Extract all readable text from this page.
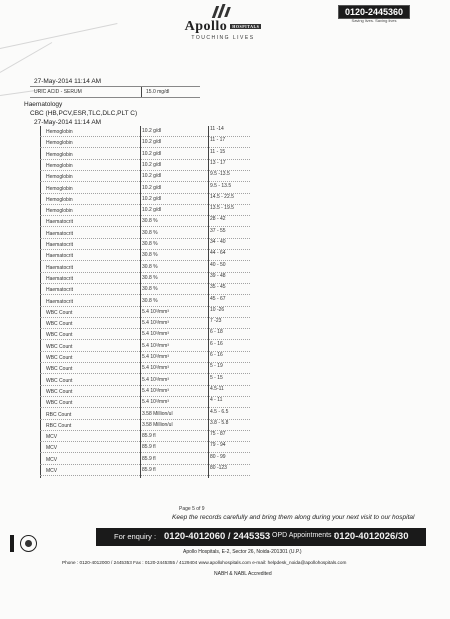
Apollo HOSPITALS
TOUCHING LIVES
0120-2445360
Saving lives. Saving lives
27-May-2014 11:14 AM
URIC ACID - SERUM	15.0 mg/dl
Haematology
CBC (HB,PCV,ESR,TLC,DLC,PLT C)
27-May-2014 11:14 AM
Hemoglobin	10.2 g/dl	11 -14
Hemoglobin	10.2 g/dl	11 - 17
Hemoglobin	10.2 g/dl	11 - 15
Hemoglobin	10.2 g/dl	13 - 17
Hemoglobin	10.2 g/dl	9.5 -13.5
Hemoglobin	10.2 g/dl	9.5 - 13.5
Hemoglobin	10.2 g/dl	14.5 - 22.5
Hemoglobin	10.2 g/dl	13.5 - 19.5
Haematocrit	30.8 %	28 - 42
Haematocrit	30.8 %	37 - 55
Haematocrit	30.8 %	34 - 40
Haematocrit	30.8 %	44 - 64
Haematocrit	30.8 %	40 - 50
Haematocrit	30.8 %	39 - 48
Haematocrit	30.8 %	35 - 45
Haematocrit	30.8 %	45 - 67
WBC Count	5.4 10³/mm³	10 -26
WBC Count	5.4 10³/mm³	7 -23
WBC Count	5.4 10³/mm³	6 - 18
WBC Count	5.4 10³/mm³	6 - 16
WBC Count	5.4 10³/mm³	6 - 16
WBC Count	5.4 10³/mm³	5 - 19
WBC Count	5.4 10³/mm³	5 - 15
WBC Count	5.4 10³/mm³	4.5-11
WBC Count	5.4 10³/mm³	4 - 11
RBC Count	3.58 Million/ul	4.5 - 6.5
RBC Count	3.58 Million/ul	3.8 - 5.8
MCV	85.9 fl	75 - 87
MCV	85.9 fl	79 - 94
MCV	85.9 fl	80 - 99
MCV	85.9 fl	80 -123
Page 5 of 9
Keep the records carefully and bring them along during your next visit to our hospital
For enquiry : 0120-4012060 / 2445353 OPD Appointments :
0120-4012026/30
Apollo Hospitals, E-2, Sector 26, Noida-201301 (U.P.)
Phone : 0120-4012000 / 2445353 Fax : 0120-2445355 / 4129404 www.apollohospitals.com e-mail: helpdesk_noida@apollohospitals.com
NABH & NABL Accredited
